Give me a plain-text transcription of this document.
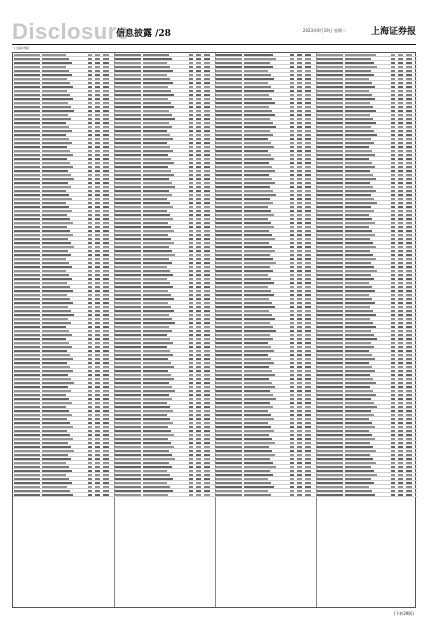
Disclosure
信息披露 /28	2023年9月19日 星期二	上海证券报
(上接27版)
(下转29版)
